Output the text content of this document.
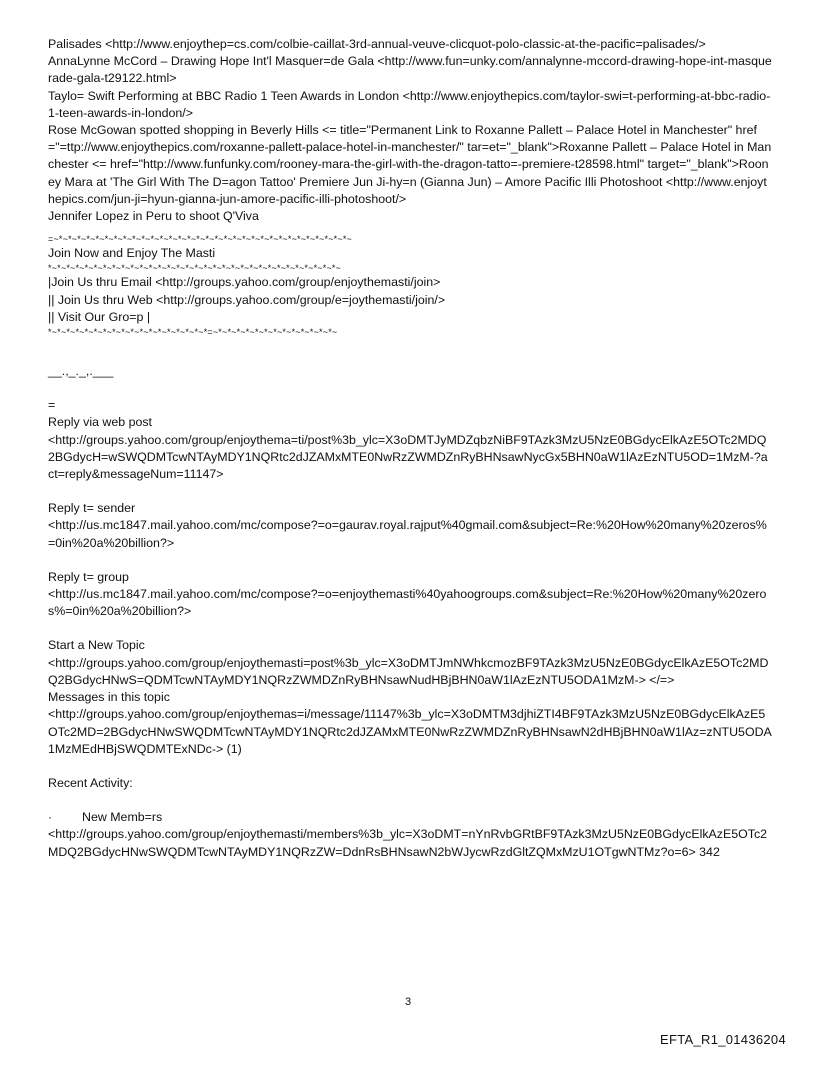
Palisades <http://www.enjoythep=cs.com/colbie-caillat-3rd-annual-veuve-clicquot-polo-classic-at-the-pacific=palisades/>

AnnaLynne McCord – Drawing Hope Int'l Masquer=de Gala <http://www.fun=unky.com/annalynne-mccord-drawing-hope-int-masquerade-gala-t29122.html>

Taylo= Swift Performing at BBC Radio 1 Teen Awards in London <http://www.enjoythepics.com/taylor-swi=t-performing-at-bbc-radio-1-teen-awards-in-london/>

Rose McGowan spotted shopping in Beverly Hills <= title="Permanent Link to Roxanne Pallett – Palace Hotel in Manchester" href="=ttp://www.enjoythepics.com/roxanne-pallett-palace-hotel-in-manchester/" tar=et="_blank">Roxanne Pallett – Palace Hotel in Manchester <= href="http://www.funfunky.com/rooney-mara-the-girl-with-the-dragon-tatto=-premiere-t28598.html" target="_blank">Rooney Mara at 'The Girl With The D=agon Tattoo' Premiere Jun Ji-hy=n (Gianna Jun) – Amore Pacific Illi Photoshoot <http://www.enjoythepics.com/jun-ji=hyun-gianna-jun-amore-pacific-illi-photoshoot/>

Jennifer Lopez in Peru to shoot Q'Viva

=~*~*~*~*~*~*~*~*~*~*~*~*~*~*~*~*~*~*~*~*~*~*~*~*~*~*~*~*~*~*~*~*~

Join Now and Enjoy The Masti

*~*~*~*~*~*~*~*~*~*~*~*~*~*~*~*~*~*~*~*~*~*~*~*~*~*~*~*~*~*~*~*~

|Join Us thru Email <http://groups.yahoo.com/group/enjoythemasti/join>

|| Join Us thru Web <http://groups.yahoo.com/group/e=joythemasti/join/>

|| Visit Our Gro=p |

*~*~*~*~*~*~*~*~*~*~*~*~*~*~*~*~*~*=~*~*~*~*~*~*~*~*~*~*~*~*~*~

__.,_._,.___

=

Reply via web post

<http://groups.yahoo.com/group/enjoythema=ti/post%3b_ylc=X3oDMTJyMDZqbzNiBF9TAzk3MzU5NzE0BGdycElkAzE5OTc2MDQ2BGdycH=wSWQDMTcwNTAyMDY1NQRtc2dJZAMxMTE0NwRzZWMDZnRyBHNsawNycGx5BHN0aW1lAzEzNTU5OD=1MzM-?act=reply&messageNum=11147>

Reply t= sender

<http://us.mc1847.mail.yahoo.com/mc/compose?=o=gaurav.royal.rajput%40gmail.com&subject=Re:%20How%20many%20zeros%=0in%20a%20billion?>

Reply t= group

<http://us.mc1847.mail.yahoo.com/mc/compose?=o=enjoythemasti%40yahoogroups.com&subject=Re:%20How%20many%20zeros%=0in%20a%20billion?>

Start a New Topic

<http://groups.yahoo.com/group/enjoythemasti=post%3b_ylc=X3oDMTJmNWhkcmozBF9TAzk3MzU5NzE0BGdycElkAzE5OTc2MDQ2BGdycHNwS=QDMTcwNTAyMDY1NQRzZWMDZnRyBHNsawNudHBjBHN0aW1lAzEzNTU5ODA1MzM-> </=>

Messages in this topic

<http://groups.yahoo.com/group/enjoythemas=i/message/11147%3b_ylc=X3oDMTM3djhiZTI4BF9TAzk3MzU5NzE0BGdycElkAzE5OTc2MD=2BGdycHNwSWQDMTcwNTAyMDY1NQRtc2dJZAMxMTE0NwRzZWMDZnRyBHNsawN2dHBjBHN0aW1lAz=zNTU5ODA1MzMEdHBjSWQDMTExNDc-> (1)

Recent Activity:

· New Memb=rs

<http://groups.yahoo.com/group/enjoythemasti/members%3b_ylc=X3oDMT=nYnRvbGRtBF9TAzk3MzU5NzE0BGdycElkAzE5OTc2MDQ2BGdycHNwSWQDMTcwNTAyMDY1NQRzZW=DdnRsBHNsawN2bWJycwRzdGltZQMxMzU1OTgwNTMz?o=6> 342

3
EFTA_R1_01436204
